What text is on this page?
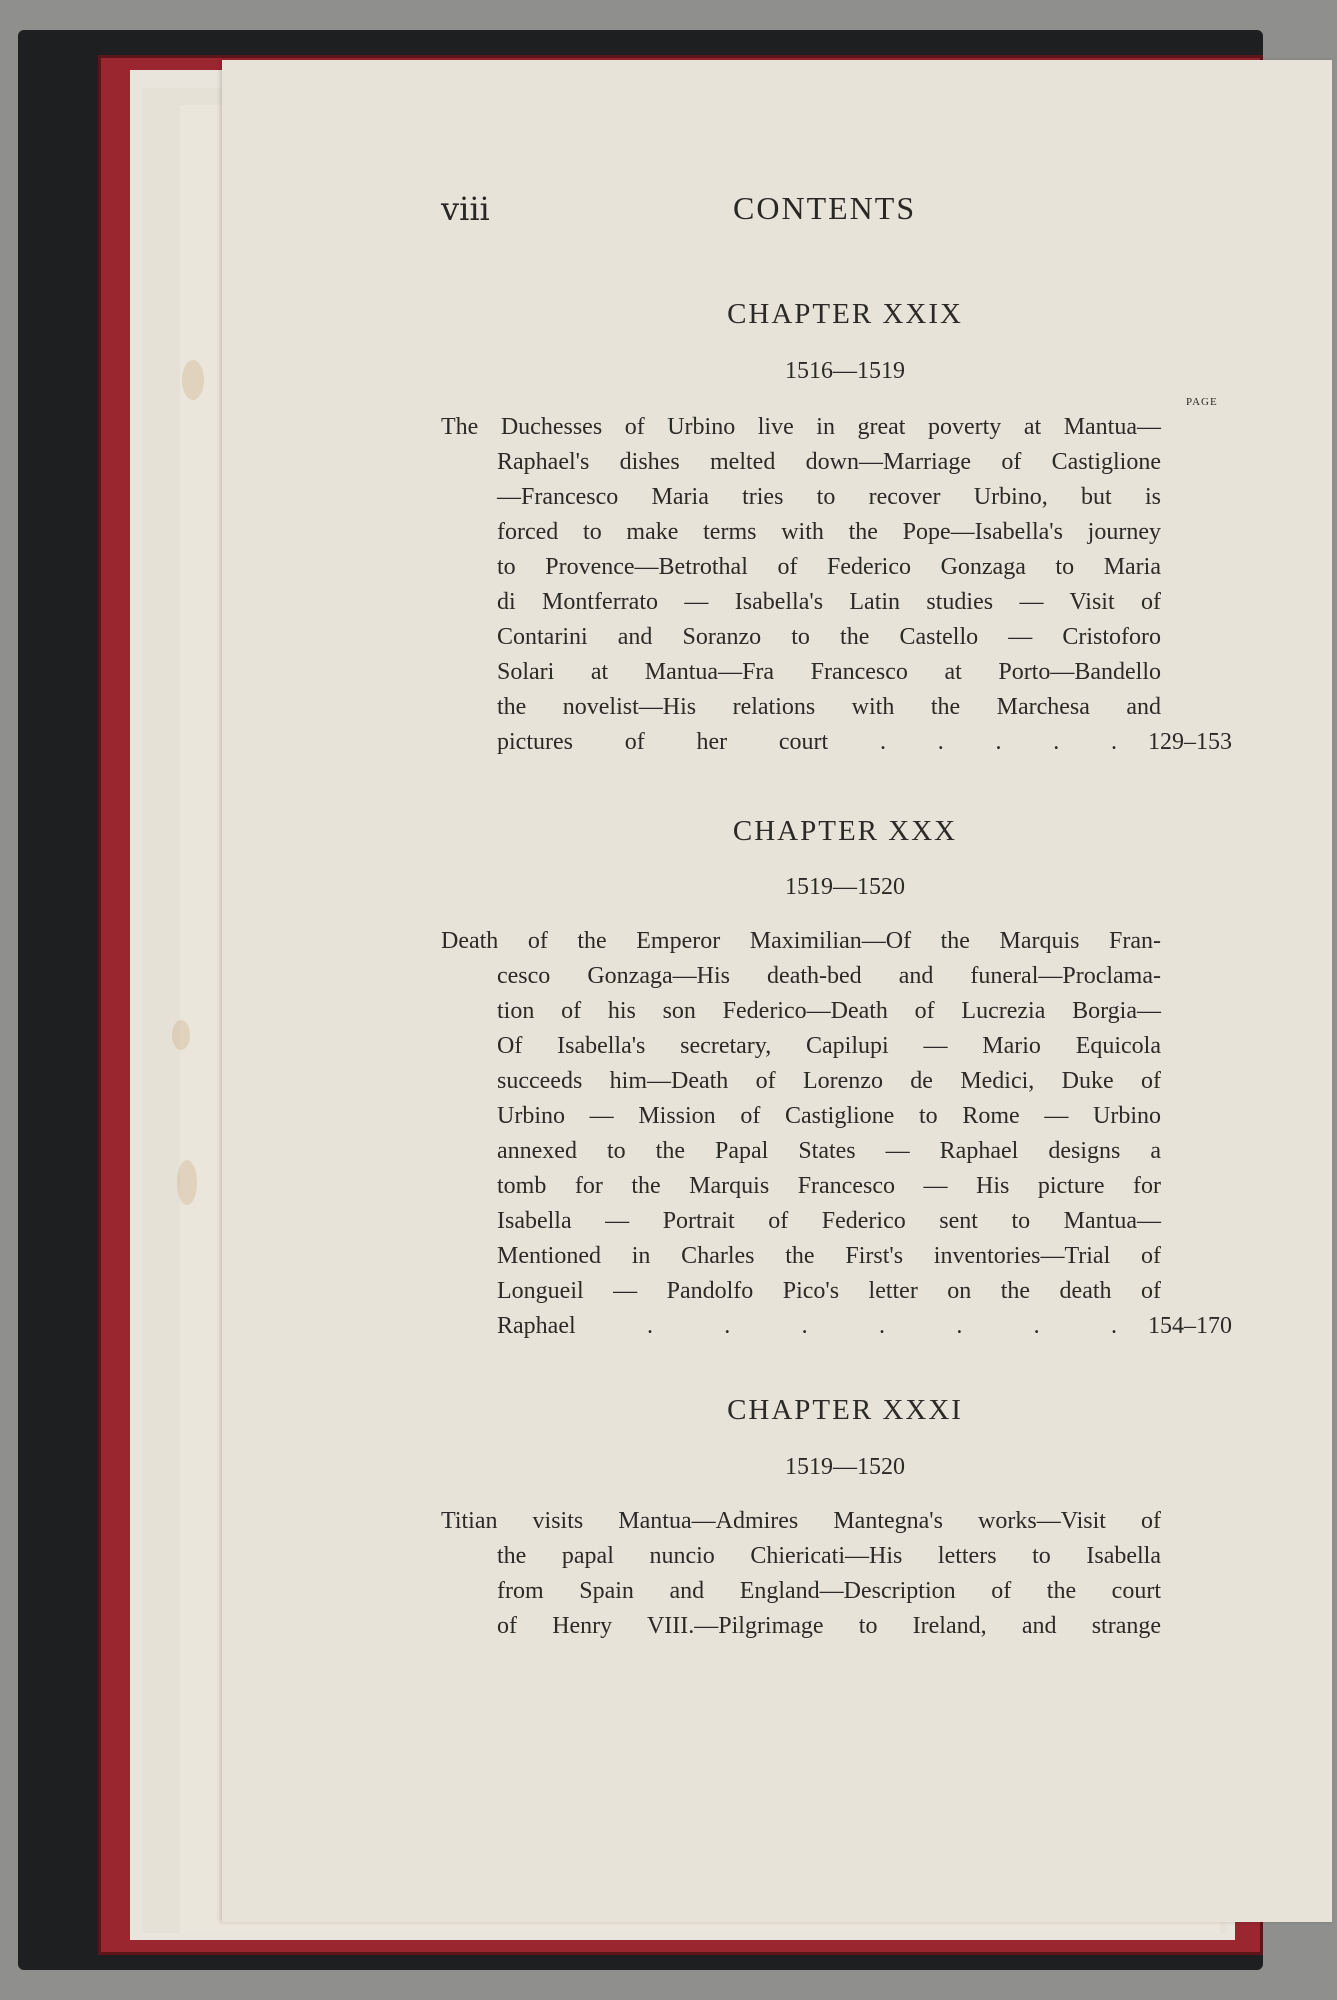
viii	CONTENTS
CHAPTER XXIX
1516—1519
PAGE
The Duchesses of Urbino live in great poverty at Mantua—
Raphael's dishes melted down—Marriage of Castiglione
—Francesco Maria tries to recover Urbino, but is
forced to make terms with the Pope—Isabella's journey
to Provence—Betrothal of Federico Gonzaga to Maria
di Montferrato — Isabella's Latin studies — Visit of
Contarini and Soranzo to the Castello — Cristoforo
Solari at Mantua—Fra Francesco at Porto—Bandello
the novelist—His relations with the Marchesa and
pictures of her court . . . . . 129–153
CHAPTER XXX
1519—1520
Death of the Emperor Maximilian—Of the Marquis Fran-
cesco Gonzaga—His death-bed and funeral—Proclama-
tion of his son Federico—Death of Lucrezia Borgia—
Of Isabella's secretary, Capilupi — Mario Equicola
succeeds him—Death of Lorenzo de Medici, Duke of
Urbino — Mission of Castiglione to Rome — Urbino
annexed to the Papal States — Raphael designs a
tomb for the Marquis Francesco — His picture for
Isabella — Portrait of Federico sent to Mantua—
Mentioned in Charles the First's inventories—Trial of
Longueil — Pandolfo Pico's letter on the death of
Raphael . . . . . . . 154–170
CHAPTER XXXI
1519—1520
Titian visits Mantua—Admires Mantegna's works—Visit of
the papal nuncio Chiericati—His letters to Isabella
from Spain and England—Description of the court
of Henry VIII.—Pilgrimage to Ireland, and strange
